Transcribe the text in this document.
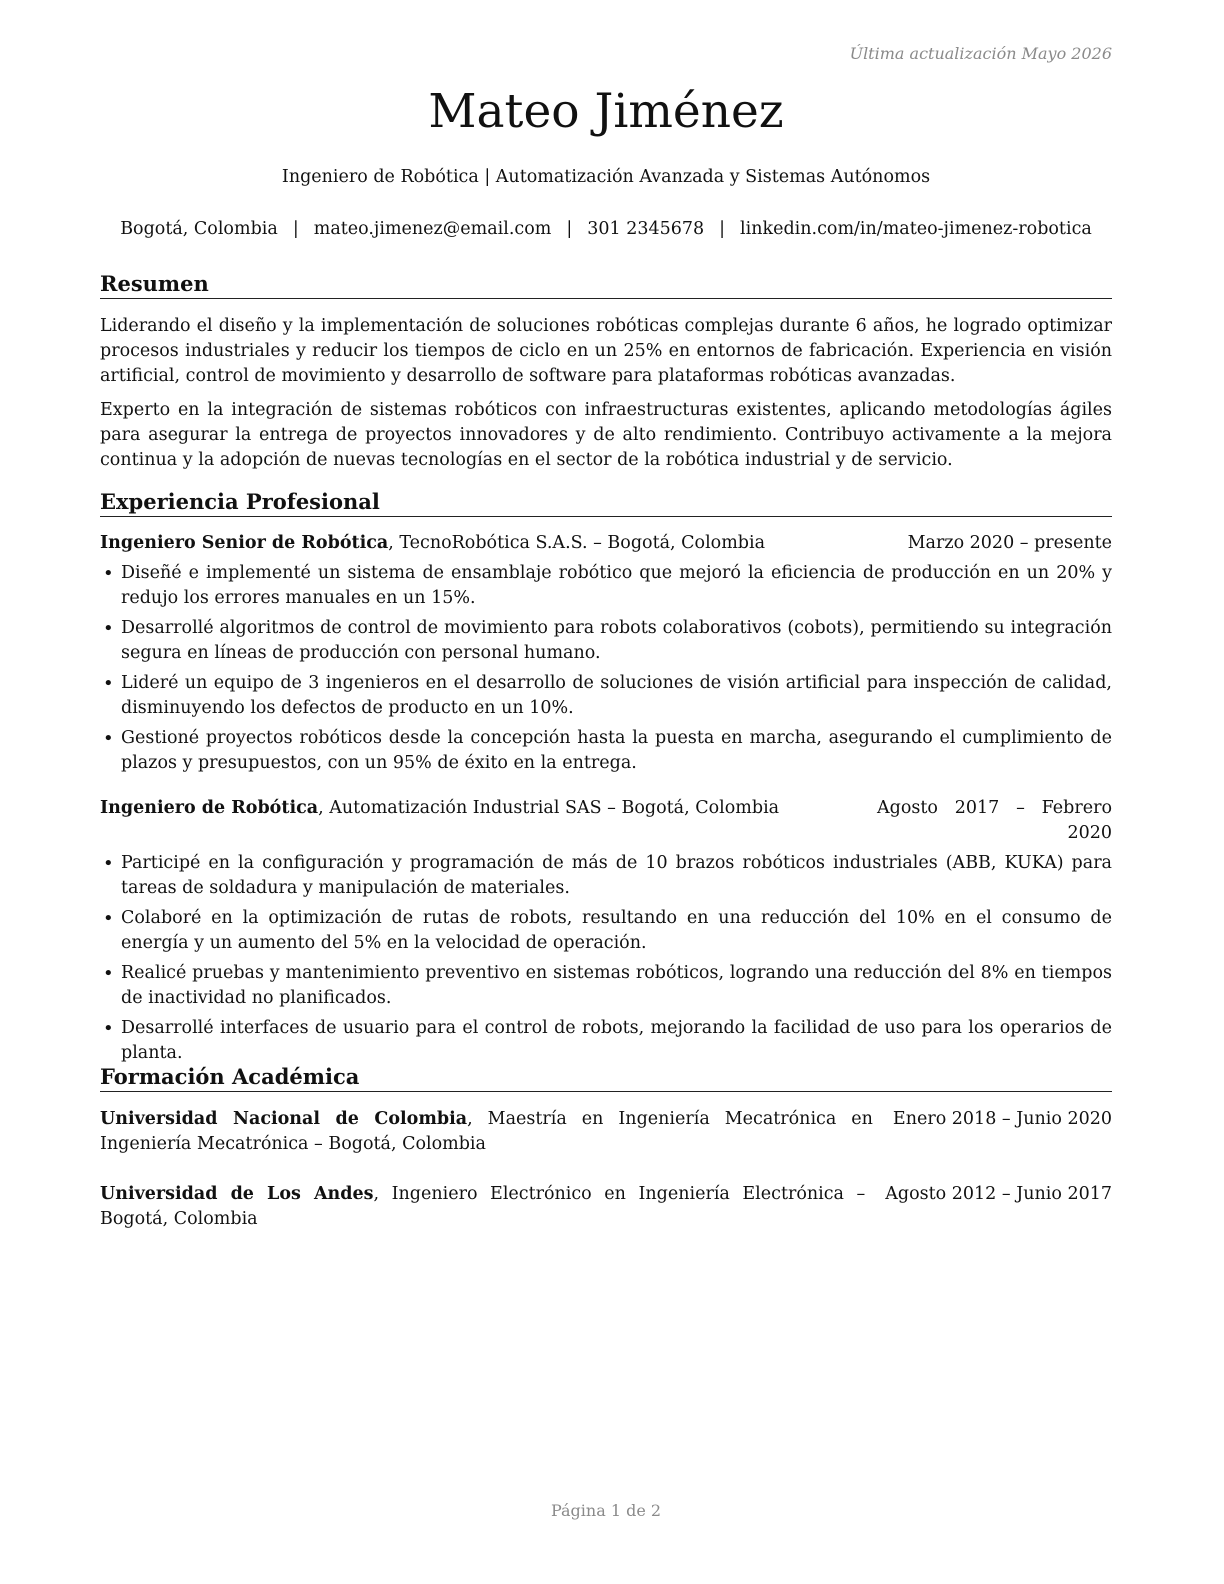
Última actualización Mayo 2026
Mateo Jiménez
Ingeniero de Robótica | Automatización Avanzada y Sistemas Autónomos
Bogotá, Colombia | mateo.jimenez@email.com | 301 2345678 | linkedin.com/in/mateo-jimenez-robotica
Resumen

Liderando el diseño y la implementación de soluciones robóticas complejas durante 6 años, he logrado optimizar procesos industriales y reducir los tiempos de ciclo en un 25% en entornos de fabricación. Experiencia en visión artificial, control de movimiento y desarrollo de software para plataformas robóticas avanzadas.

Experto en la integración de sistemas robóticos con infraestructuras existentes, aplicando metodologías ágiles para asegurar la entrega de proyectos innovadores y de alto rendimiento. Contribuyo activamente a la mejora continua y la adopción de nuevas tecnologías en el sector de la robótica industrial y de servicio.

Experiencia Profesional
Ingeniero Senior de Robótica, TecnoRobótica S.A.S. – Bogotá, Colombia	Marzo 2020 – presente
• Diseñé e implementé un sistema de ensamblaje robótico que mejoró la eficiencia de producción en un 20% y redujo los errores manuales en un 15%.
• Desarrollé algoritmos de control de movimiento para robots colaborativos (cobots), permitiendo su integración segura en líneas de producción con personal humano.
• Lideré un equipo de 3 ingenieros en el desarrollo de soluciones de visión artificial para inspección de calidad, disminuyendo los defectos de producto en un 10%.
• Gestioné proyectos robóticos desde la concepción hasta la puesta en marcha, asegurando el cumplimiento de plazos y presupuestos, con un 95% de éxito en la entrega.
Ingeniero de Robótica, Automatización Industrial SAS – Bogotá, Colombia	Agosto 2017 – Febrero 2020
• Participé en la configuración y programación de más de 10 brazos robóticos industriales (ABB, KUKA) para tareas de soldadura y manipulación de materiales.
• Colaboré en la optimización de rutas de robots, resultando en una reducción del 10% en el consumo de energía y un aumento del 5% en la velocidad de operación.
• Realicé pruebas y mantenimiento preventivo en sistemas robóticos, logrando una reducción del 8% en tiempos de inactividad no planificados.
• Desarrollé interfaces de usuario para el control de robots, mejorando la facilidad de uso para los operarios de planta.
Formación Académica
Universidad Nacional de Colombia, Maestría en Ingeniería Mecatrónica en Ingeniería Mecatrónica – Bogotá, Colombia
Enero 2018 – Junio 2020
Universidad de Los Andes, Ingeniero Electrónico en Ingeniería Electrónica – Bogotá, Colombia
Agosto 2012 – Junio 2017
Página 1 de 2
